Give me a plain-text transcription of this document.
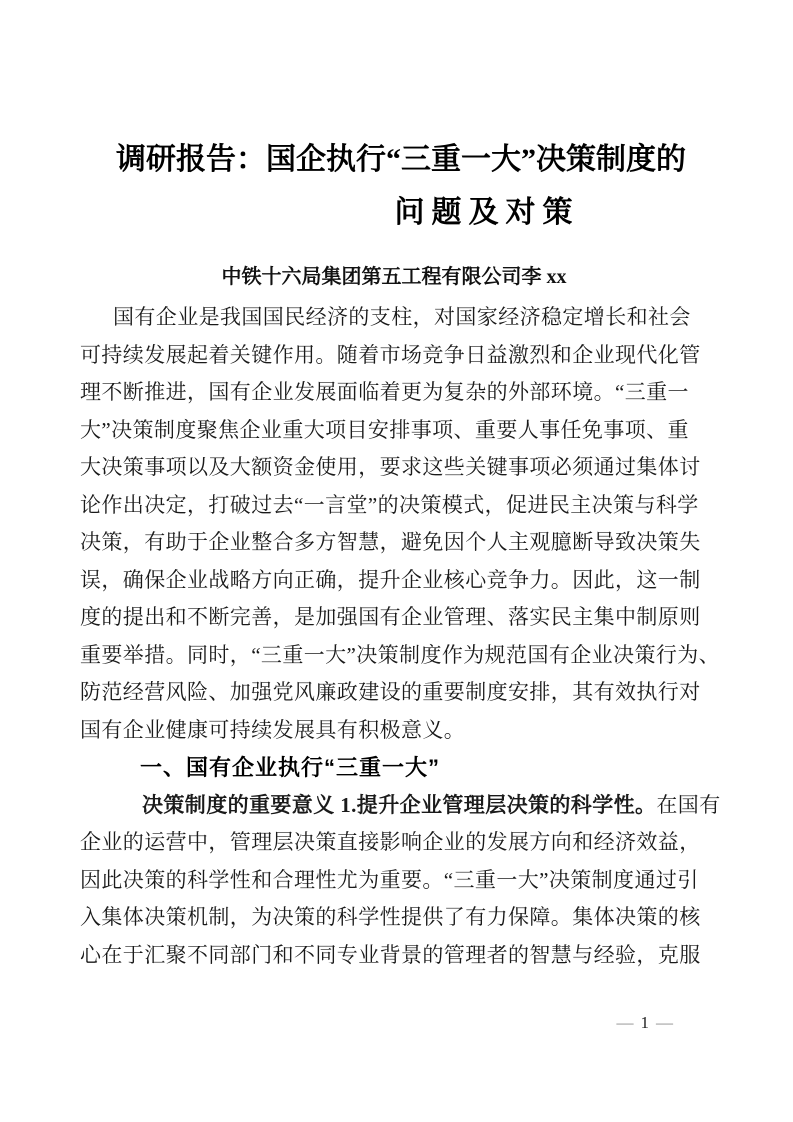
调研报告：国企执行“三重一大”决策制度的
问题及对策
中铁十六局集团第五工程有限公司李 xx
国有企业是我国国民经济的支柱，对国家经济稳定增长和社会
可持续发展起着关键作用。随着市场竞争日益激烈和企业现代化管
理不断推进，国有企业发展面临着更为复杂的外部环境。“三重一
大”决策制度聚焦企业重大项目安排事项、重要人事任免事项、重
大决策事项以及大额资金使用，要求这些关键事项必须通过集体讨
论作出决定，打破过去“一言堂”的决策模式，促进民主决策与科学
决策，有助于企业整合多方智慧，避免因个人主观臆断导致决策失
误，确保企业战略方向正确，提升企业核心竞争力。因此，这一制
度的提出和不断完善，是加强国有企业管理、落实民主集中制原则
重要举措。同时，“三重一大”决策制度作为规范国有企业决策行为、
防范经营风险、加强党风廉政建设的重要制度安排，其有效执行对
国有企业健康可持续发展具有积极意义。
一、国有企业执行“三重一大”
决策制度的重要意义 1.提升企业管理层决策的科学性。在国有
企业的运营中，管理层决策直接影响企业的发展方向和经济效益，
因此决策的科学性和合理性尤为重要。“三重一大”决策制度通过引
入集体决策机制，为决策的科学性提供了有力保障。集体决策的核
心在于汇聚不同部门和不同专业背景的管理者的智慧与经验，克服
— 1 —
